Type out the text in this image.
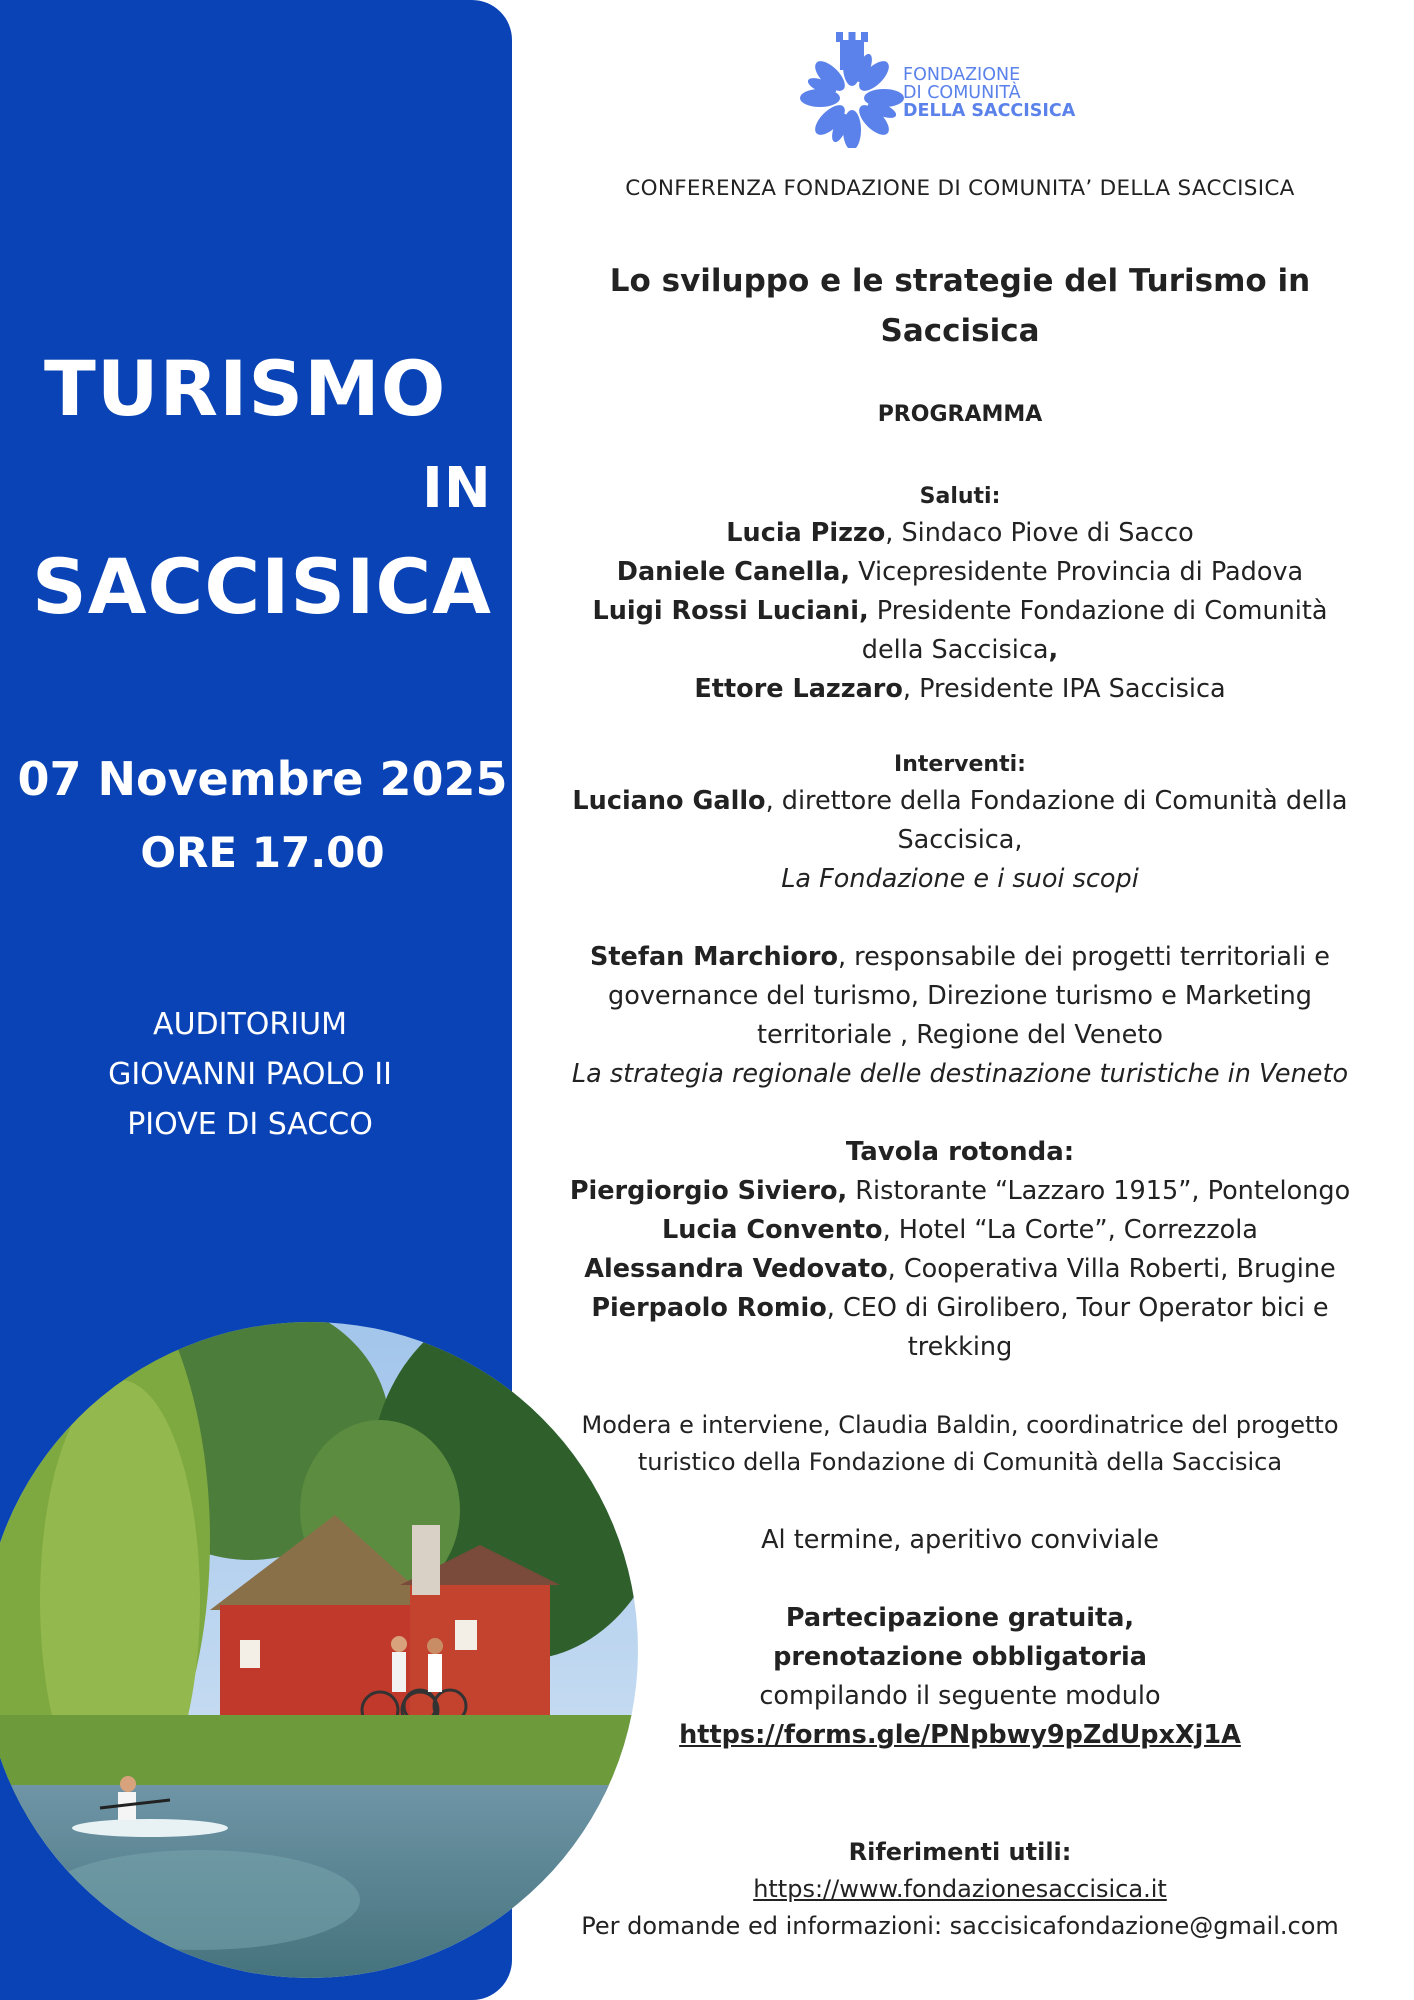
TURISMO
IN
SACCISICA
07 Novembre 2025
ORE 17.00
AUDITORIUM
GIOVANNI PAOLO II
PIOVE DI SACCO
FONDAZIONE
DI COMUNITÀ
DELLA SACCISICA
CONFERENZA FONDAZIONE DI COMUNITA’ DELLA SACCISICA
Lo sviluppo e le strategie del Turismo in
Saccisica
PROGRAMMA
Saluti:
Lucia Pizzo, Sindaco Piove di Sacco
Daniele Canella, Vicepresidente Provincia di Padova
Luigi Rossi Luciani, Presidente Fondazione di Comunità
della Saccisica,
Ettore Lazzaro, Presidente IPA Saccisica
Interventi:
Luciano Gallo, direttore della Fondazione di Comunità della
Saccisica,
La Fondazione e i suoi scopi
Stefan Marchioro, responsabile dei progetti territoriali e
governance del turismo, Direzione turismo e Marketing
territoriale , Regione del Veneto
La strategia regionale delle destinazione turistiche in Veneto
Tavola rotonda:
Piergiorgio Siviero, Ristorante “Lazzaro 1915”, Pontelongo
Lucia Convento, Hotel “La Corte”, Correzzola
Alessandra Vedovato, Cooperativa Villa Roberti, Brugine
Pierpaolo Romio, CEO di Girolibero, Tour Operator bici e
trekking
Modera e interviene, Claudia Baldin, coordinatrice del progetto
turistico della Fondazione di Comunità della Saccisica
Al termine, aperitivo conviviale
Partecipazione gratuita,
prenotazione obbligatoria
compilando il seguente modulo
https://forms.gle/PNpbwy9pZdUpxXj1A
Riferimenti utili:
https://www.fondazionesaccisica.it
Per domande ed informazioni: saccisicafondazione@gmail.com
